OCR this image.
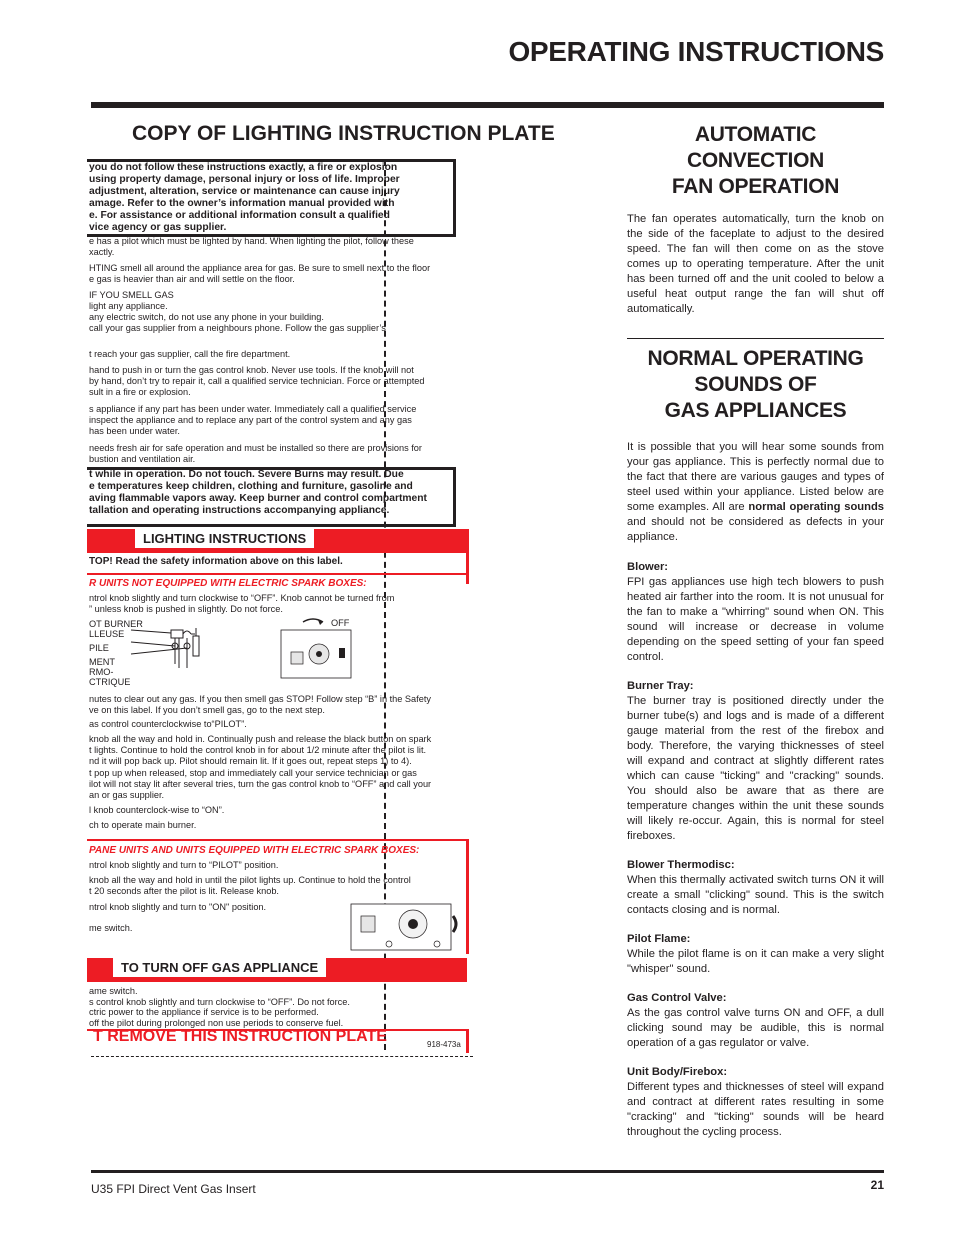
OPERATING INSTRUCTIONS
COPY OF LIGHTING INSTRUCTION PLATE
you do not follow these instructions exactly, a fire or explosion
using property damage, personal injury or loss of life. Improper
adjustment, alteration, service or maintenance can cause injury
amage. Refer to the owner’s information manual provided with
e. For assistance or additional information consult a qualified
vice agency or gas supplier.
e has a pilot which must be lighted by hand. When lighting the pilot, follow these
xactly.
HTING smell all around the appliance area for gas. Be sure to smell next to the floor
e gas is heavier than air and will settle on the floor.
IF YOU SMELL GAS
light any appliance.
any electric switch, do not use any phone in your building.
call your gas supplier from a neighbours phone. Follow the gas supplier’s
t reach your gas supplier, call the fire department.
hand to push in or turn the gas control knob. Never use tools. If the knob will not
by hand, don’t try to repair it, call a qualified service technician. Force or attempted
sult in a fire or explosion.
s appliance if any part has been under water. Immediately call a qualified service
inspect the appliance and to replace any part of the control system and any gas
has been under water.
needs fresh air for safe operation and must be installed so there are provisions for
bustion and ventilation air.
t while in operation. Do not touch. Severe Burns may result. Due
e temperatures keep children, clothing and furniture, gasoline and
aving flammable vapors away. Keep burner and control compartment
tallation and operating instructions accompanying appliance.
LIGHTING INSTRUCTIONS
TOP! Read the safety information above on this label.
R UNITS NOT EQUIPPED WITH ELECTRIC SPARK BOXES:
ntrol knob slightly and turn clockwise to “OFF”. Knob cannot be turned from
” unless knob is pushed in slightly. Do not force.
OT BURNER
LLEUSE
PILE
MENT
RMO-
CTRIQUE
OFF
nutes to clear out any gas. If you then smell gas STOP! Follow step “B” in the Safety
ve on this label. If you don’t smell gas, go to the next step.
as control counterclockwise to“PILOT”.
knob all the way and hold in. Continually push and release the black button on spark
t lights. Continue to hold the control knob in for about 1/2 minute after the pilot is lit.
nd it will pop back up. Pilot should remain lit. If it goes out, repeat steps 1) to 4).
t pop up when released, stop and immediately call your service technician or gas
ilot will not stay lit after several tries, turn the gas control knob to “OFF” and call your
an or gas supplier.
l knob counterclock-wise to “ON”.
ch to operate main burner.
PANE UNITS AND UNITS EQUIPPED WITH ELECTRIC SPARK BOXES:
ntrol knob slightly and turn to “PILOT” position.
knob all the way and hold in until the pilot lights up. Continue to hold the control
t 20 seconds after the pilot is lit. Release knob.
ntrol knob slightly and turn to "ON" position.
me switch.
TO TURN OFF GAS APPLIANCE
ame switch.
s control knob slightly and turn clockwise to “OFF”. Do not force.
ctric power to the appliance if service is to be performed.
off the pilot during prolonged non use periods to conserve fuel.
T REMOVE THIS INSTRUCTION PLATE	918-473a
AUTOMATIC
CONVECTION
FAN OPERATION

The fan operates automatically, turn the knob on the side of the faceplate to adjust to the desired speed. The fan will then come on as the stove comes up to operating temperature. After the unit has been turned off and the unit cooled to below a useful heat output range the fan will shut off automatically.

NORMAL OPERATING
SOUNDS OF
GAS APPLIANCES

It is possible that you will hear some sounds from your gas appliance. This is perfectly normal due to the fact that there are various gauges and types of steel used within your appliance. Listed below are some examples. All are normal operating sounds and should not be considered as defects in your appliance.

Blower:
FPI gas appliances use high tech blowers to push heated air farther into the room. It is not unusual for the fan to make a "whirring" sound when ON. This sound will increase or decrease in volume depending on the speed setting of your fan speed control.

Burner Tray:
The burner tray is positioned directly under the burner tube(s) and logs and is made of a different gauge material from the rest of the firebox and body. Therefore, the varying thicknesses of steel will expand and contract at slightly different rates which can cause "ticking" and "cracking" sounds. You should also be aware that as there are temperature changes within the unit these sounds will likely re-occur. Again, this is normal for steel fireboxes.

Blower Thermodisc:
When this thermally activated switch turns ON it will create a small "clicking" sound. This is the switch contacts closing and is normal.

Pilot Flame:
While the pilot flame is on it can make a very slight "whisper" sound.

Gas Control Valve:
As the gas control valve turns ON and OFF, a dull clicking sound may be audible, this is normal operation of a gas regulator or valve.

Unit Body/Firebox:
Different types and thicknesses of steel will expand and contract at different rates resulting in some "cracking" and "ticking" sounds will be heard throughout the cycling process.

U35 FPI Direct Vent Gas Insert	21
